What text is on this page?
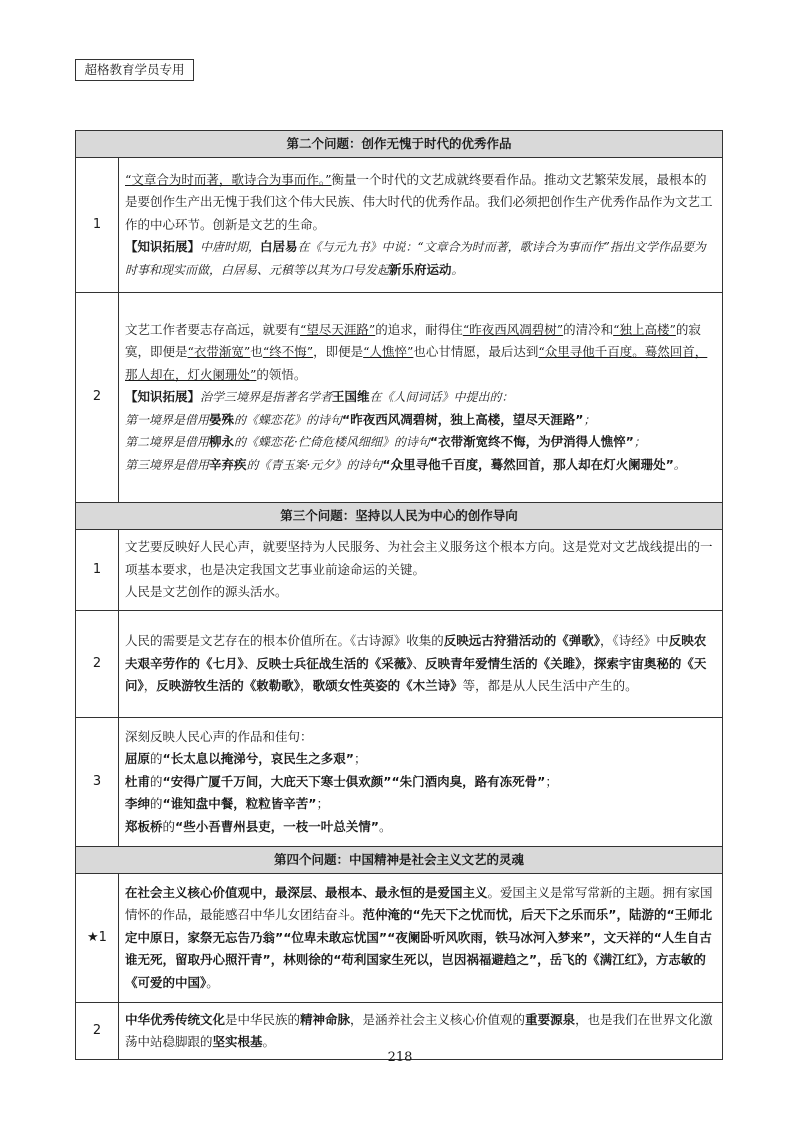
超格教育学员专用
第二个问题：创作无愧于时代的优秀作品	
1	“文章合为时而著，歌诗合为事而作。”衡量一个时代的文艺成就终要看作品。推动文艺繁荣发展，最根本的是要创作生产出无愧于我们这个伟大民族、伟大时代的优秀作品。我们必须把创作生产优秀作品作为文艺工作的中心环节。创新是文艺的生命。

【知识拓展】中唐时期，白居易在《与元九书》中说：“文章合为时而著，歌诗合为事而作”指出文学作品要为时事和现实而做，白居易、元稹等以其为口号发起新乐府运动。

2	文艺工作者要志存高远，就要有“望尽天涯路”的追求，耐得住“昨夜西风凋碧树”的清冷和“独上高楼”的寂寞，即便是“衣带渐宽”也“终不悔”，即便是“人憔悴”也心甘情愿，最后达到“众里寻他千百度。蓦然回首，那人却在，灯火阑珊处”的领悟。

【知识拓展】治学三境界是指著名学者王国维在《人间词话》中提出的：

第一境界是借用晏殊的《蝶恋花》的诗句“昨夜西风凋碧树，独上高楼，望尽天涯路”；

第二境界是借用柳永的《蝶恋花·伫倚危楼风细细》的诗句“衣带渐宽终不悔，为伊消得人憔悴”；

第三境界是借用辛弃疾的《青玉案·元夕》的诗句“众里寻他千百度，蓦然回首，那人却在灯火阑珊处”。

第三个问题：坚持以人民为中心的创作导向	
1	文艺要反映好人民心声，就要坚持为人民服务、为社会主义服务这个根本方向。这是党对文艺战线提出的一项基本要求，也是决定我国文艺事业前途命运的关键。

人民是文艺创作的源头活水。

2	人民的需要是文艺存在的根本价值所在。《古诗源》收集的反映远古狩猎活动的《弹歌》，《诗经》中反映农夫艰辛劳作的《七月》、反映士兵征战生活的《采薇》、反映青年爱情生活的《关雎》，探索宇宙奥秘的《天问》，反映游牧生活的《敕勒歌》，歌颂女性英姿的《木兰诗》等，都是从人民生活中产生的。

3	深刻反映人民心声的作品和佳句：

屈原的“长太息以掩涕兮，哀民生之多艰”；

杜甫的“安得广厦千万间，大庇天下寒士俱欢颜”“朱门酒肉臭，路有冻死骨”；

李绅的“谁知盘中餐，粒粒皆辛苦”；

郑板桥的“些小吾曹州县吏，一枝一叶总关情”。

第四个问题：中国精神是社会主义文艺的灵魂	
★1	在社会主义核心价值观中，最深层、最根本、最永恒的是爱国主义。爱国主义是常写常新的主题。拥有家国情怀的作品，最能感召中华儿女团结奋斗。范仲淹的“先天下之忧而忧，后天下之乐而乐”，陆游的“王师北定中原日，家祭无忘告乃翁”“位卑未敢忘忧国”“夜阑卧听风吹雨，铁马冰河入梦来”，文天祥的“人生自古谁无死，留取丹心照汗青”，林则徐的“苟利国家生死以，岂因祸福避趋之”，岳飞的《满江红》，方志敏的《可爱的中国》。

2	中华优秀传统文化是中华民族的精神命脉，是涵养社会主义核心价值观的重要源泉，也是我们在世界文化激荡中站稳脚跟的坚实根基。

218
